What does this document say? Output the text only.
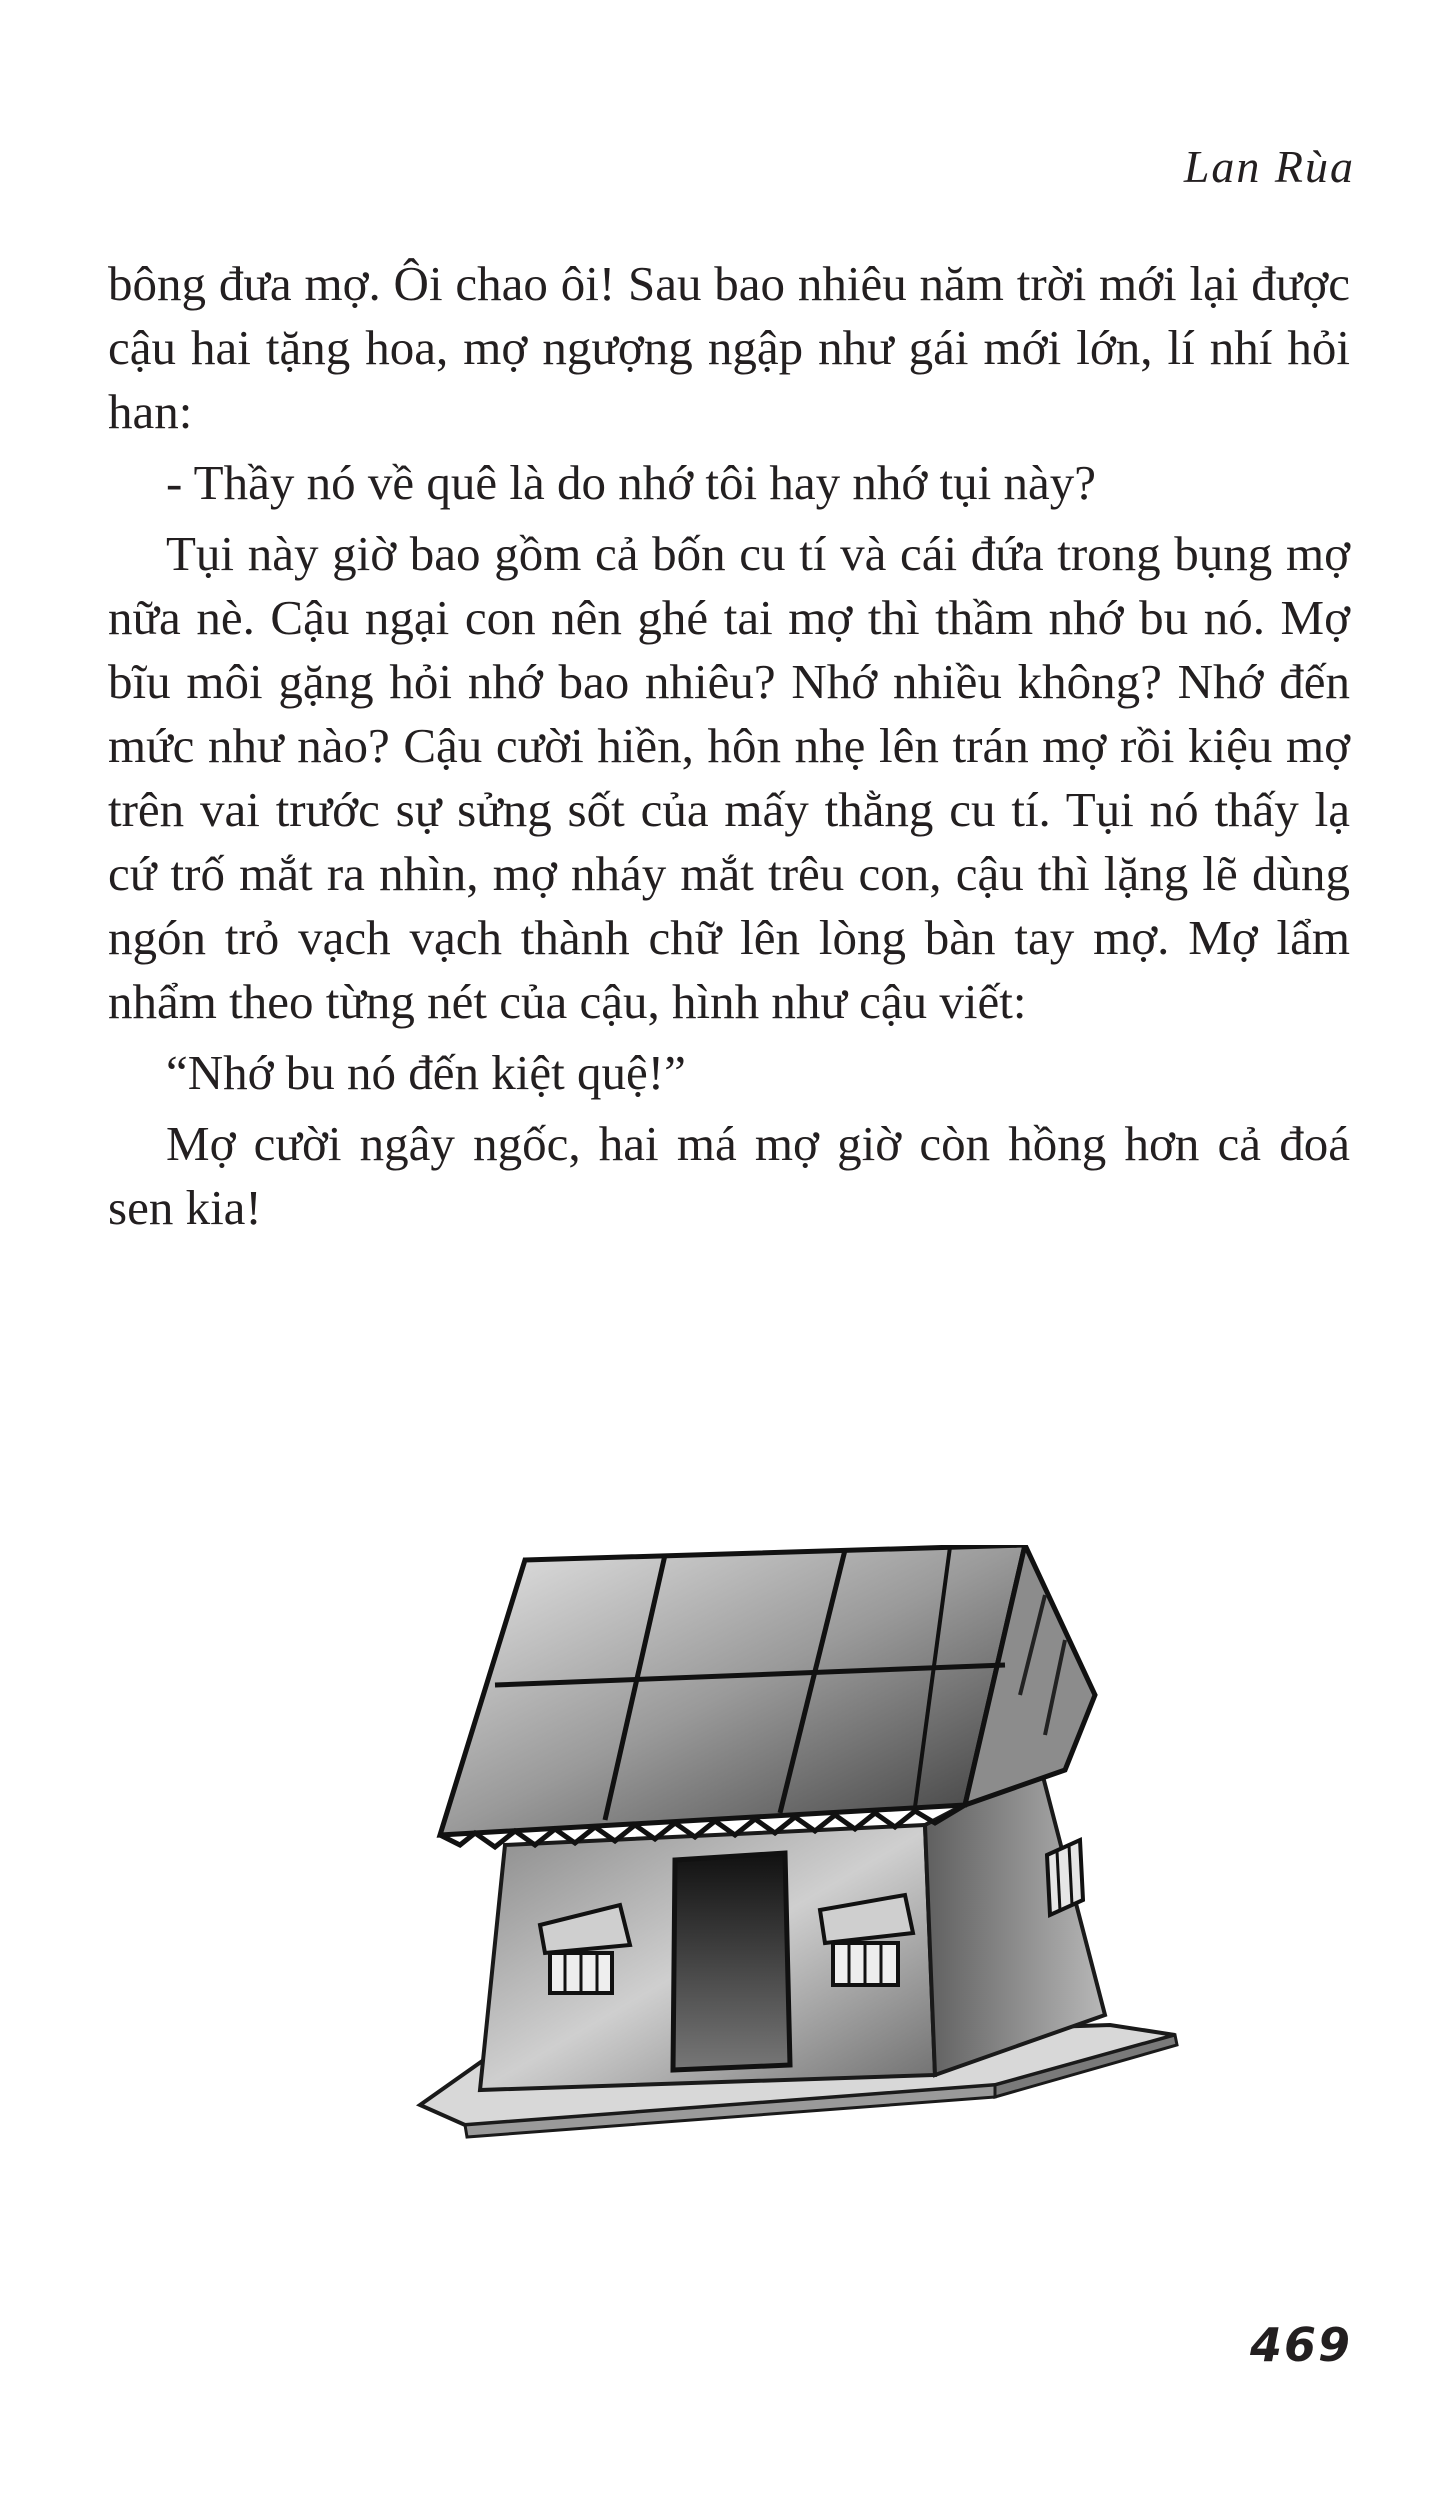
Lan Rùa

bông đưa mợ. Ôi chao ôi! Sau bao nhiêu năm trời mới lại được cậu hai tặng hoa, mợ ngượng ngập như gái mới lớn, lí nhí hỏi han:

- Thầy nó về quê là do nhớ tôi hay nhớ tụi này?

Tụi này giờ bao gồm cả bốn cu tí và cái đứa trong bụng mợ nữa nè. Cậu ngại con nên ghé tai mợ thì thầm nhớ bu nó. Mợ bĩu môi gặng hỏi nhớ bao nhiêu? Nhớ nhiều không? Nhớ đến mức như nào? Cậu cười hiền, hôn nhẹ lên trán mợ rồi kiệu mợ trên vai trước sự sửng sốt của mấy thằng cu tí. Tụi nó thấy lạ cứ trố mắt ra nhìn, mợ nháy mắt trêu con, cậu thì lặng lẽ dùng ngón trỏ vạch vạch thành chữ lên lòng bàn tay mợ. Mợ lẩm nhẩm theo từng nét của cậu, hình như cậu viết:

“Nhớ bu nó đến kiệt quệ!”

Mợ cười ngây ngốc, hai má mợ giờ còn hồng hơn cả đoá sen kia!

469
